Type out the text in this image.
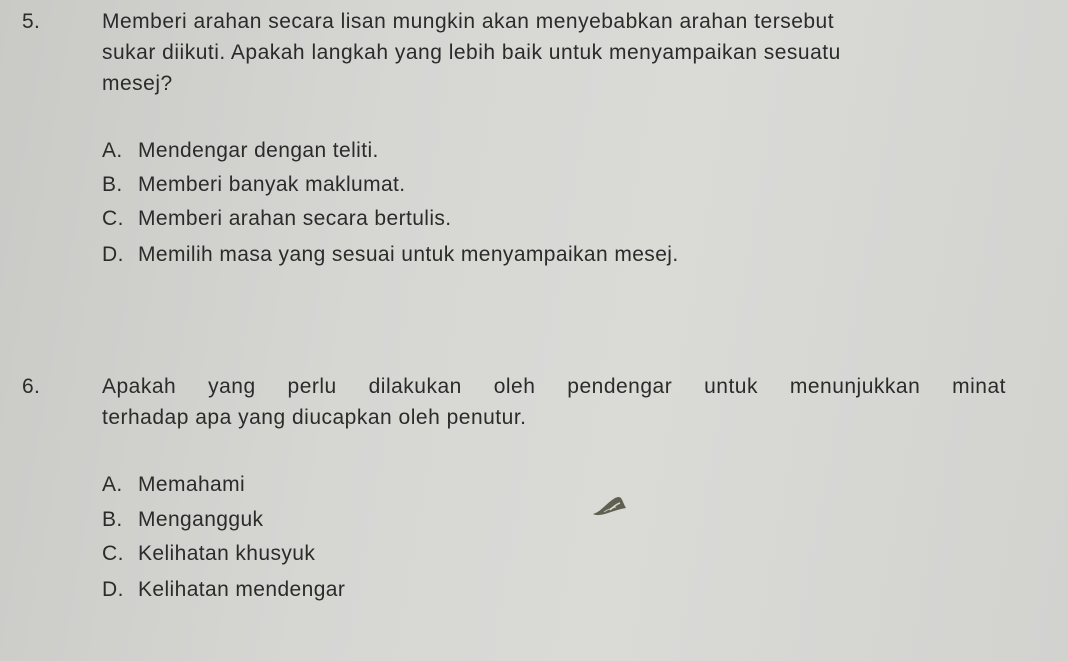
5.	Memberi arahan secara lisan mungkin akan menyebabkan arahan tersebut
sukar diikuti. Apakah langkah yang lebih baik untuk menyampaikan sesuatu
mesej?
A. Mendengar dengan teliti.
B. Memberi banyak maklumat.
C. Memberi arahan secara bertulis.
D. Memilih masa yang sesuai untuk menyampaikan mesej.
6.	Apakah yang perlu dilakukan oleh pendengar untuk menunjukkan minat
terhadap apa yang diucapkan oleh penutur.
A. Memahami
B. Mengangguk
C. Kelihatan khusyuk
D. Kelihatan mendengar
